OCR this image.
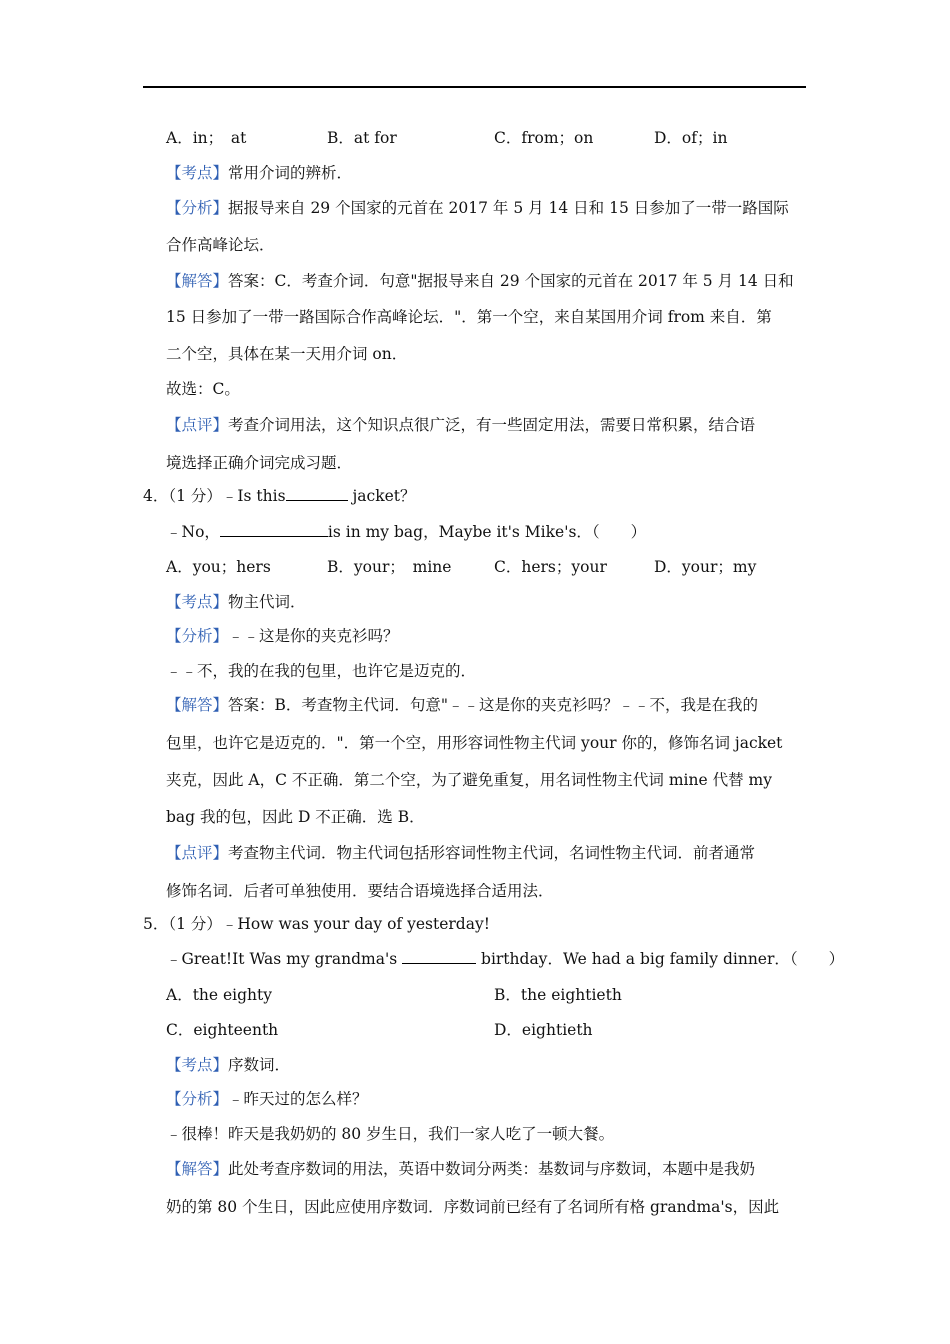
A．in；　at	B．at for	C．from；on	D．of；in
【考点】常用介词的辨析．
【分析】据报导来自 29 个国家的元首在 2017 年 5 月 14 日和 15 日参加了一带一路国际
合作高峰论坛．
【解答】答案：C．考查介词．句意"据报导来自 29 个国家的元首在 2017 年 5 月 14 日和
15 日参加了一带一路国际合作高峰论坛．"．第一个空，来自某国用介词 from 来自．第
二个空，具体在某一天用介词 on．
故选：C。
【点评】考查介词用法，这个知识点很广泛，有一些固定用法，需要日常积累，结合语
境选择正确介词完成习题．
4．（1 分）﹣Is this	jacket？
﹣No，	is in my bag，Maybe it's Mike's．（　　）
A．you；hers	B．your；　mine	C．hers；your	D．your；my
【考点】物主代词．
【分析】﹣﹣这是你的夹克衫吗？
﹣﹣不，我的在我的包里，也许它是迈克的．
【解答】答案：B．考查物主代词．句意"﹣﹣这是你的夹克衫吗？﹣﹣不，我是在我的
包里，也许它是迈克的．"．第一个空，用形容词性物主代词 your 你的，修饰名词 jacket
夹克，因此 A，C 不正确．第二个空，为了避免重复，用名词性物主代词 mine 代替 my
bag 我的包，因此 D 不正确．选 B．
【点评】考查物主代词．物主代词包括形容词性物主代词，名词性物主代词．前者通常
修饰名词．后者可单独使用．要结合语境选择合适用法．
5．（1 分）﹣How was your day of yesterday!
﹣Great!It Was my grandma's	birthday．We had a big family dinner．（　　）
A．the eighty	B．the eightieth
C．eighteenth	D．eightieth
【考点】序数词．
【分析】﹣昨天过的怎么样？
﹣很棒！昨天是我奶奶的 80 岁生日，我们一家人吃了一顿大餐。
【解答】此处考查序数词的用法，英语中数词分两类：基数词与序数词，本题中是我奶
奶的第 80 个生日，因此应使用序数词．序数词前已经有了名词所有格 grandma's，因此
